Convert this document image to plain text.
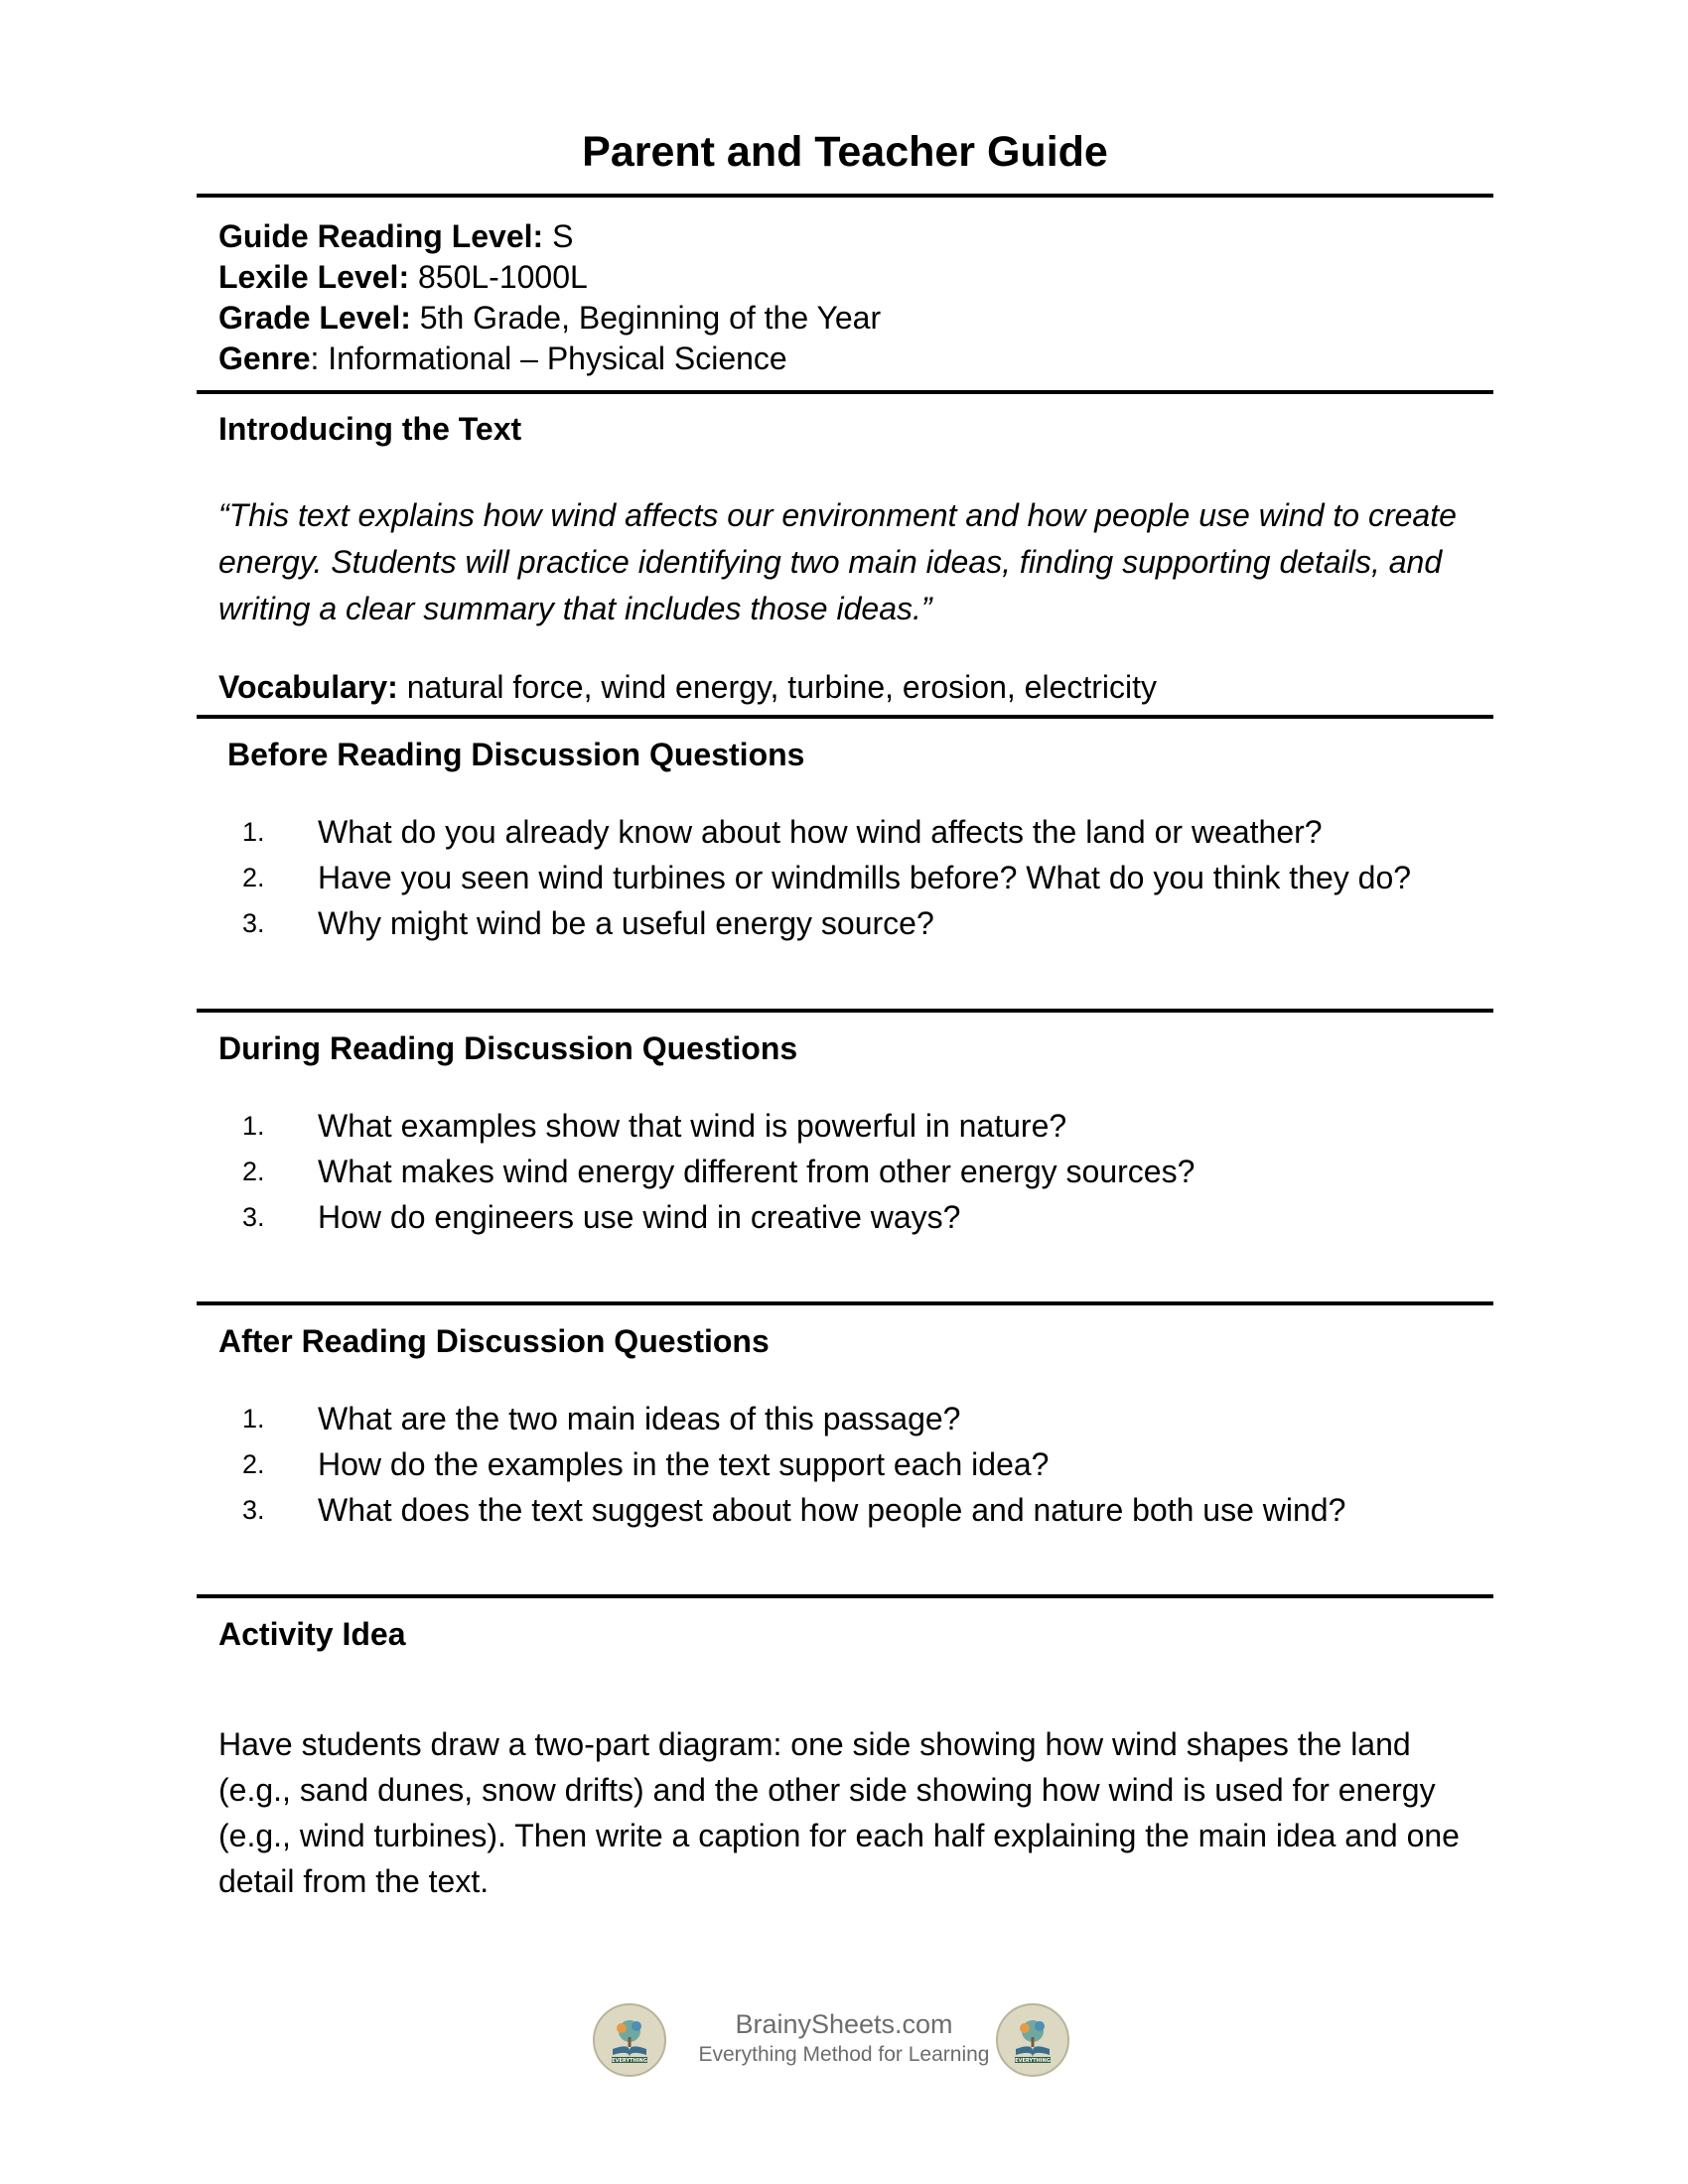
Parent and Teacher Guide
Guide Reading Level: S
Lexile Level: 850L-1000L
Grade Level: 5th Grade, Beginning of the Year
Genre: Informational – Physical Science
Introducing the Text
“This text explains how wind affects our environment and how people use wind to create energy. Students will practice identifying two main ideas, finding supporting details, and writing a clear summary that includes those ideas.”
Vocabulary: natural force, wind energy, turbine, erosion, electricity
Before Reading Discussion Questions
1. What do you already know about how wind affects the land or weather?
2. Have you seen wind turbines or windmills before? What do you think they do?
3. Why might wind be a useful energy source?
During Reading Discussion Questions
1. What examples show that wind is powerful in nature?
2. What makes wind energy different from other energy sources?
3. How do engineers use wind in creative ways?
After Reading Discussion Questions
1. What are the two main ideas of this passage?
2. How do the examples in the text support each idea?
3. What does the text suggest about how people and nature both use wind?
Activity Idea
Have students draw a two-part diagram: one side showing how wind shapes the land (e.g., sand dunes, snow drifts) and the other side showing how wind is used for energy (e.g., wind turbines). Then write a caption for each half explaining the main idea and one detail from the text.
EVERYTHING
BrainySheets.com
Everything Method for Learning	EVERYTHING
